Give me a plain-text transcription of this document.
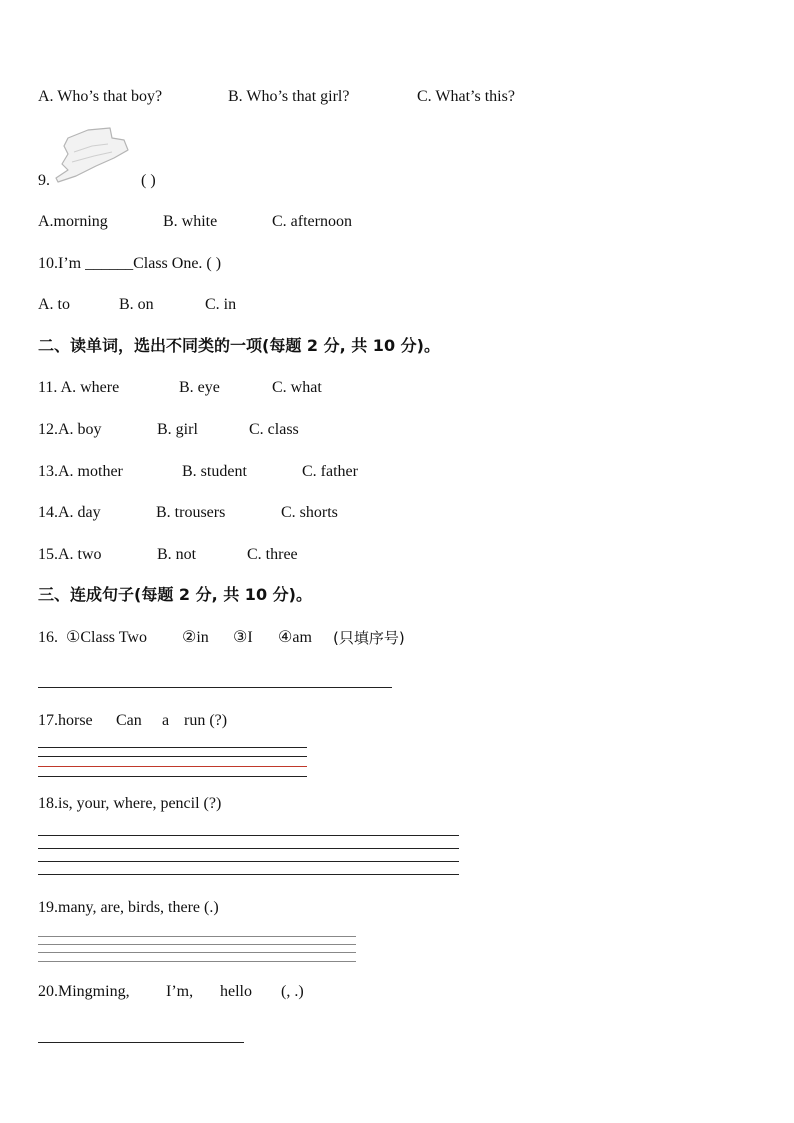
A. Who’s that boy?	B. Who’s that girl?	C. What’s this?
9.	( )
A.morning	B. white	C. afternoon
10.I’m ______Class One. ( )
A. to	B. on	C. in
二、读单词，选出不同类的一项(每题 2 分, 共 10 分)。
11. A. where	B. eye	C. what
12.A. boy	B. girl	C. class
13.A. mother	B. student	C. father
14.A. day	B. trousers	C. shorts
15.A. two	B. not	C. three
三、连成句子(每题 2 分, 共 10 分)。
16. ①Class Two ②in ③I ④am (只填序号)
17.horse Can a run (?)
18.is, your, where, pencil (?)
19.many, are, birds, there (.)
20.Mingming, I’m, hello (, .)
